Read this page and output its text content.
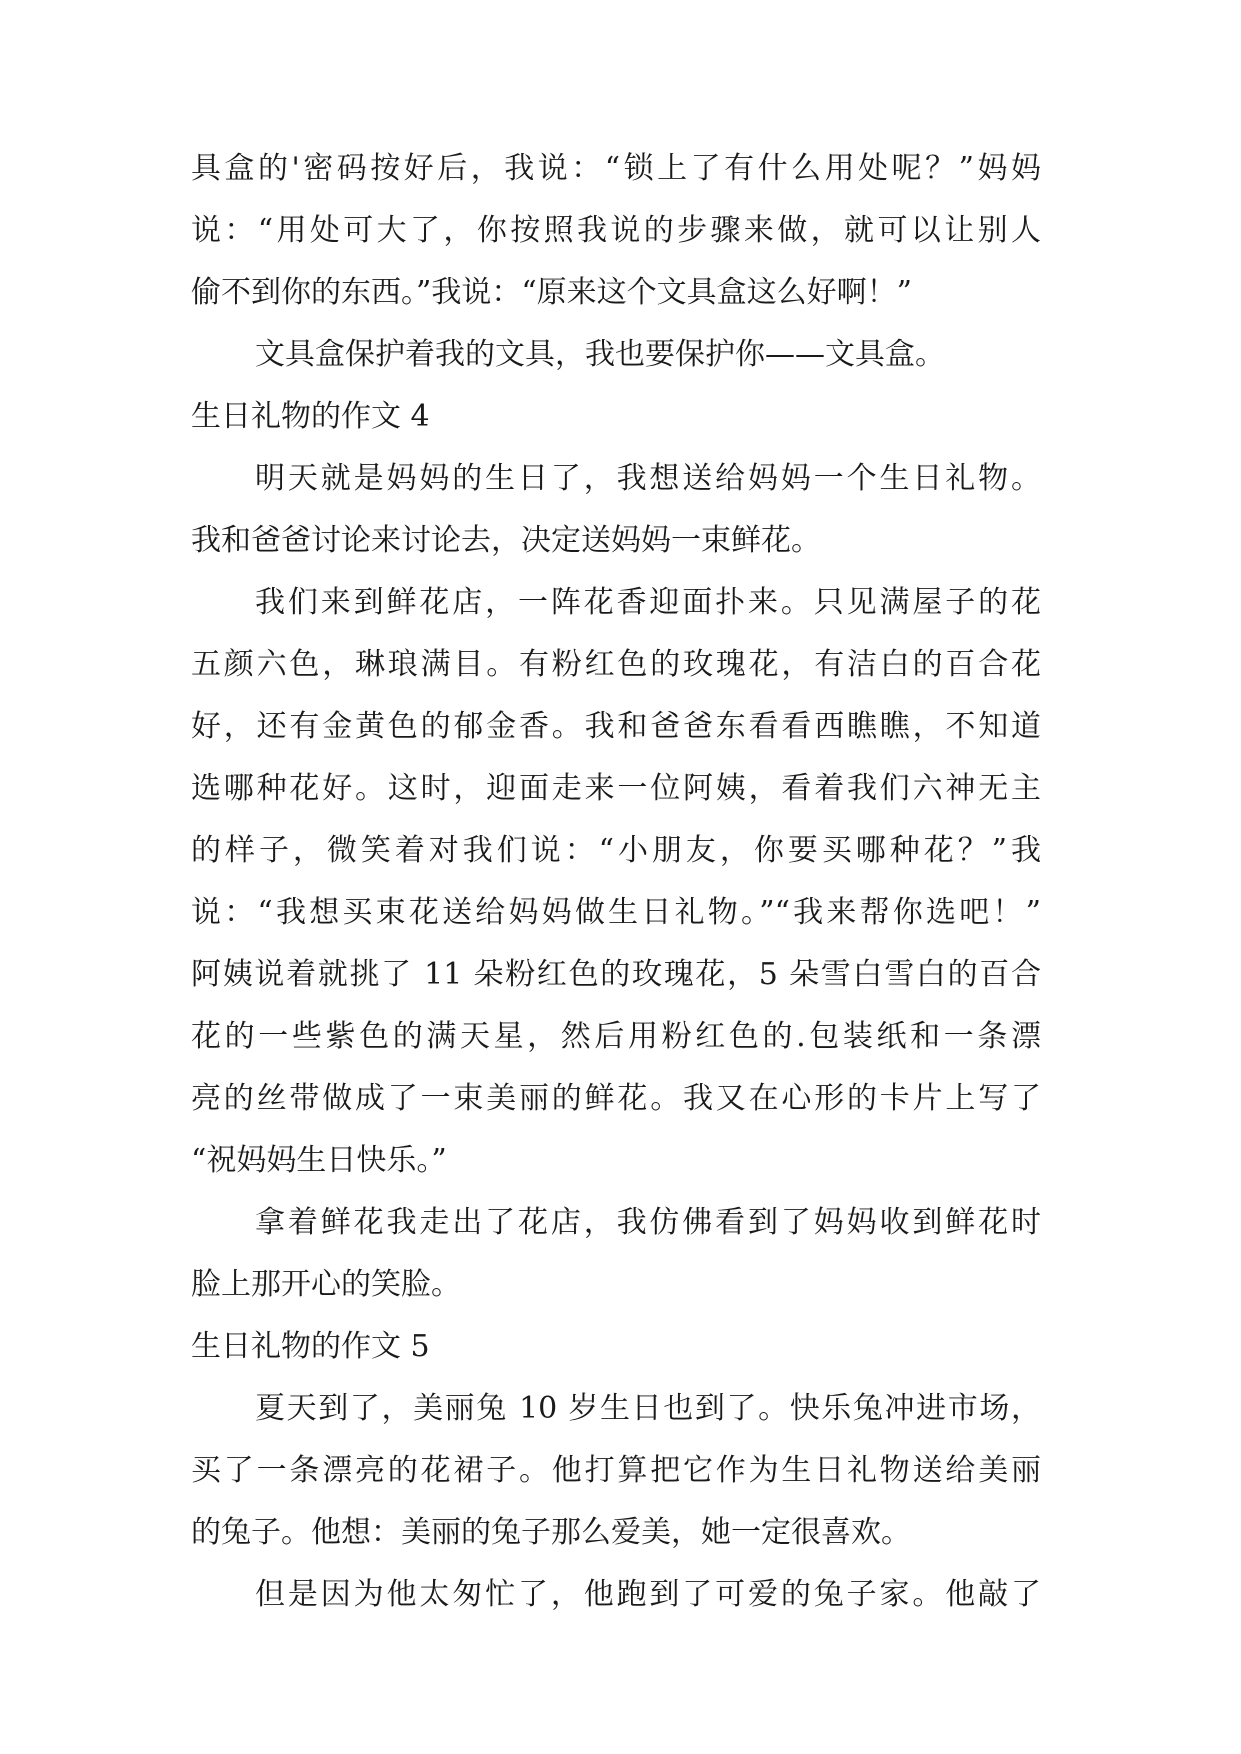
具盒的'密码按好后，我说：“锁上了有什么用处呢？”妈妈
说：“用处可大了，你按照我说的步骤来做，就可以让别人
偷不到你的东西。”我说：“原来这个文具盒这么好啊！”
文具盒保护着我的文具，我也要保护你——文具盒。
生日礼物的作文 4
明天就是妈妈的生日了，我想送给妈妈一个生日礼物。
我和爸爸讨论来讨论去，决定送妈妈一束鲜花。
我们来到鲜花店，一阵花香迎面扑来。只见满屋子的花
五颜六色，琳琅满目。有粉红色的玫瑰花，有洁白的百合花
好，还有金黄色的郁金香。我和爸爸东看看西瞧瞧，不知道
选哪种花好。这时，迎面走来一位阿姨，看着我们六神无主
的样子，微笑着对我们说：“小朋友，你要买哪种花？”我
说：“我想买束花送给妈妈做生日礼物。”“我来帮你选吧！”
阿姨说着就挑了 11 朵粉红色的玫瑰花，5 朵雪白雪白的百合
花的一些紫色的满天星，然后用粉红色的.包装纸和一条漂
亮的丝带做成了一束美丽的鲜花。我又在心形的卡片上写了
“祝妈妈生日快乐。”
拿着鲜花我走出了花店，我仿佛看到了妈妈收到鲜花时
脸上那开心的笑脸。
生日礼物的作文 5
夏天到了，美丽兔 10 岁生日也到了。快乐兔冲进市场，
买了一条漂亮的花裙子。他打算把它作为生日礼物送给美丽
的兔子。他想：美丽的兔子那么爱美，她一定很喜欢。
但是因为他太匆忙了，他跑到了可爱的兔子家。他敲了
